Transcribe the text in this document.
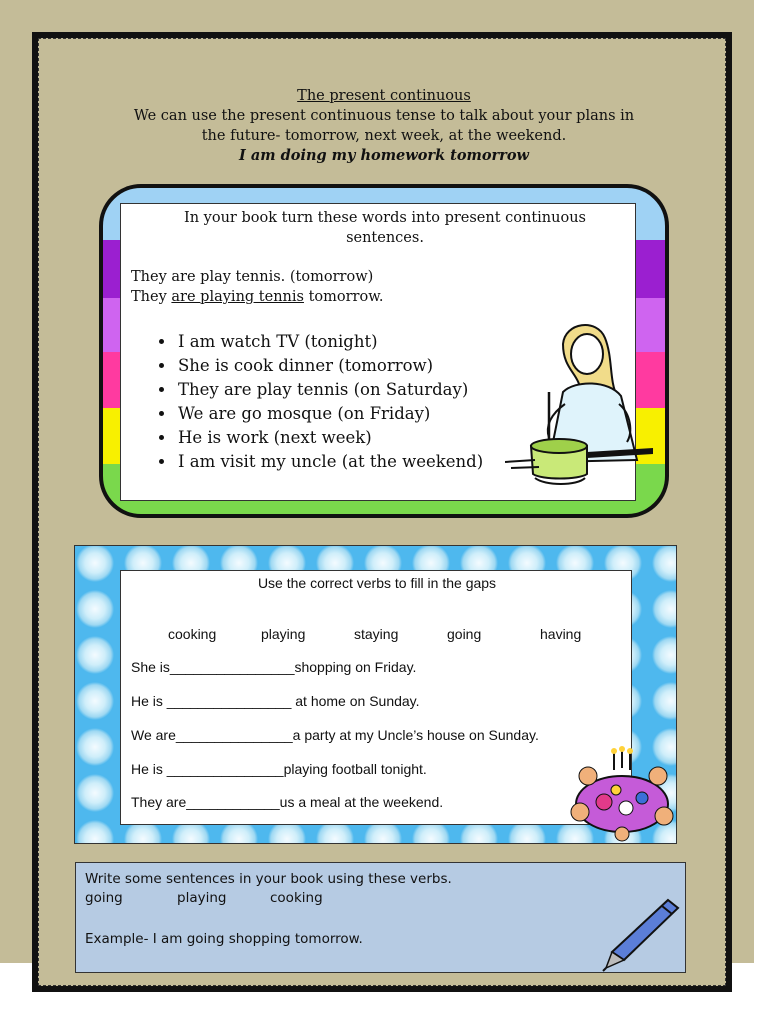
The present continuous
We can use the present continuous tense to talk about your plans in
the future- tomorrow, next week, at the weekend.
I am doing my homework tomorrow
In your book turn these words into present continuous
sentences.
They are play tennis. (tomorrow)
They are playing tennis tomorrow.
• I am watch TV (tonight)
• She is cook dinner (tomorrow)
• They are play tennis (on Saturday)
• We are go mosque (on Friday)
• He is work (next week)
• I am visit my uncle (at the weekend)
Use the correct verbs to fill in the gaps
cooking	playing	staying	going	having
She is________________shopping on Friday.
He is ________________ at home on Sunday.
We are_______________a party at my Uncle’s house on Sunday.
He is _______________playing football tonight.
They are____________us a meal at the weekend.
Write some sentences in your book using these verbs.
going	playing	cooking
Example- I am going shopping tomorrow.
